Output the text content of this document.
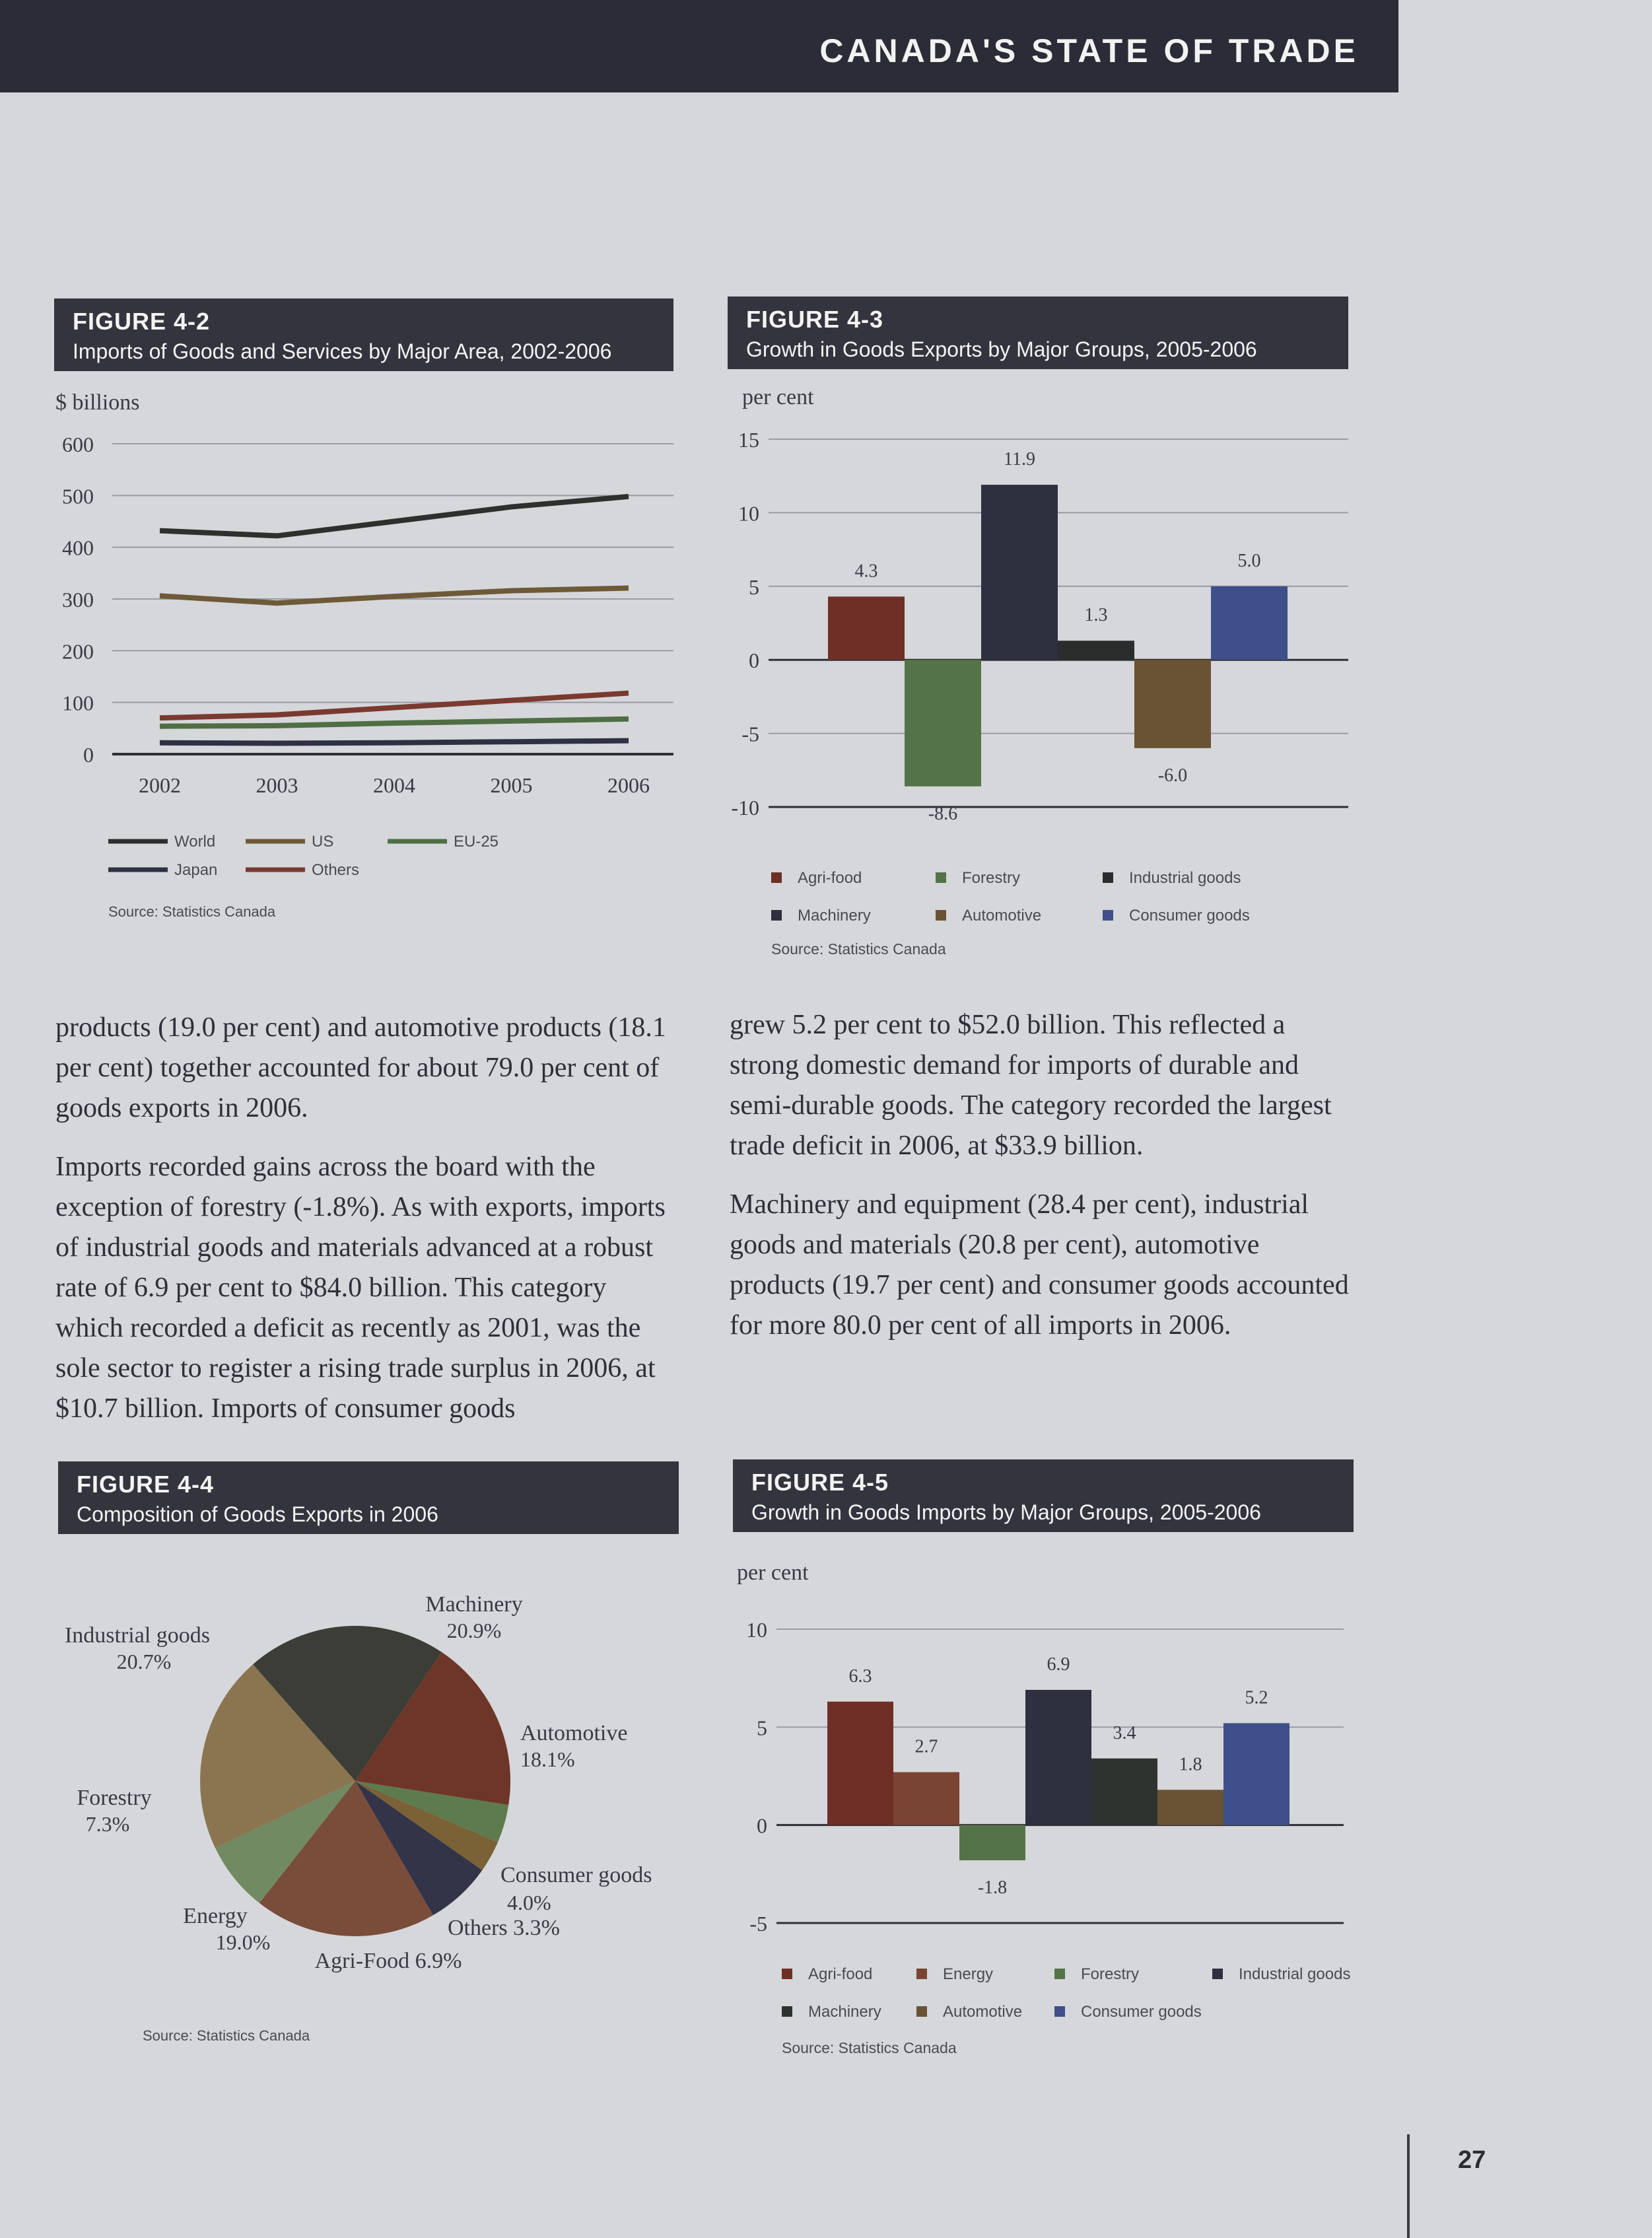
CANADA'S STATE OF TRADE
FIGURE 4-2
Imports of Goods and Services by Major Area, 2002-2006
$ billions
0
100
200
300
400
500
600
2002	2003	2004	2005	2006
World	US	EU-25
Japan	Others
Source: Statistics Canada
FIGURE 4-3
Growth in Goods Exports by Major Groups, 2005-2006
per cent
-10
-5
0
5
10
15
4.3
-8.6
11.9
1.3
-6.0
5.0
Agri-food	Forestry	Industrial goods
Machinery	Automotive	Consumer goods
Source: Statistics Canada

products (19.0 per cent) and automotive products (18.1 per cent) together accounted for about 79.0 per cent of goods exports in 2006.

Imports recorded gains across the board with the exception of forestry (-1.8%). As with exports, imports of industrial goods and materials advanced at a robust rate of 6.9 per cent to $84.0 billion. This category which recorded a deficit as recently as 2001, was the sole sector to register a rising trade surplus in 2006, at $10.7 billion. Imports of consumer goods

grew 5.2 per cent to $52.0 billion. This reflected a strong domestic demand for imports of durable and semi-durable goods. The category recorded the largest trade deficit in 2006, at $33.9 billion.

Machinery and equipment (28.4 per cent), industrial goods and materials (20.8 per cent), automotive products (19.7 per cent) and consumer goods accounted for more 80.0 per cent of all imports in 2006.

FIGURE 4-4
Composition of Goods Exports in 2006
Machinery
20.9%
Automotive
18.1%
Consumer goods
4.0%
Others 3.3%
Agri-Food 6.9%
Energy
19.0%
Forestry
7.3%
Industrial goods
20.7%
Source: Statistics Canada
FIGURE 4-5
Growth in Goods Imports by Major Groups, 2005-2006
per cent
-5
0
5
10
6.3
2.7
-1.8
6.9
3.4
1.8
5.2
Agri-food	Energy	Forestry	Industrial goods
Machinery	Automotive	Consumer goods
Source: Statistics Canada
27
